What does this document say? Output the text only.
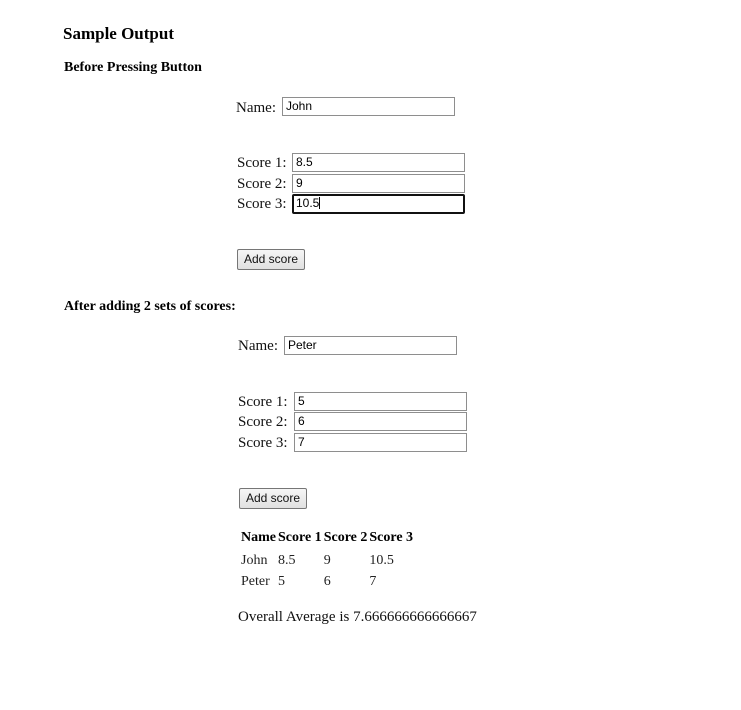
Sample Output
Before Pressing Button
Name: John
Score 1: 8.5
Score 2: 9
Score 3: 10.5
Add score
After adding 2 sets of scores:
Name: Peter
Score 1: 5
Score 2: 6
Score 3: 7
Add score
Name	Score 1	Score 2	Score 3
John	8.5	9	10.5
Peter	5	6	7
Overall Average is 7.666666666666667
